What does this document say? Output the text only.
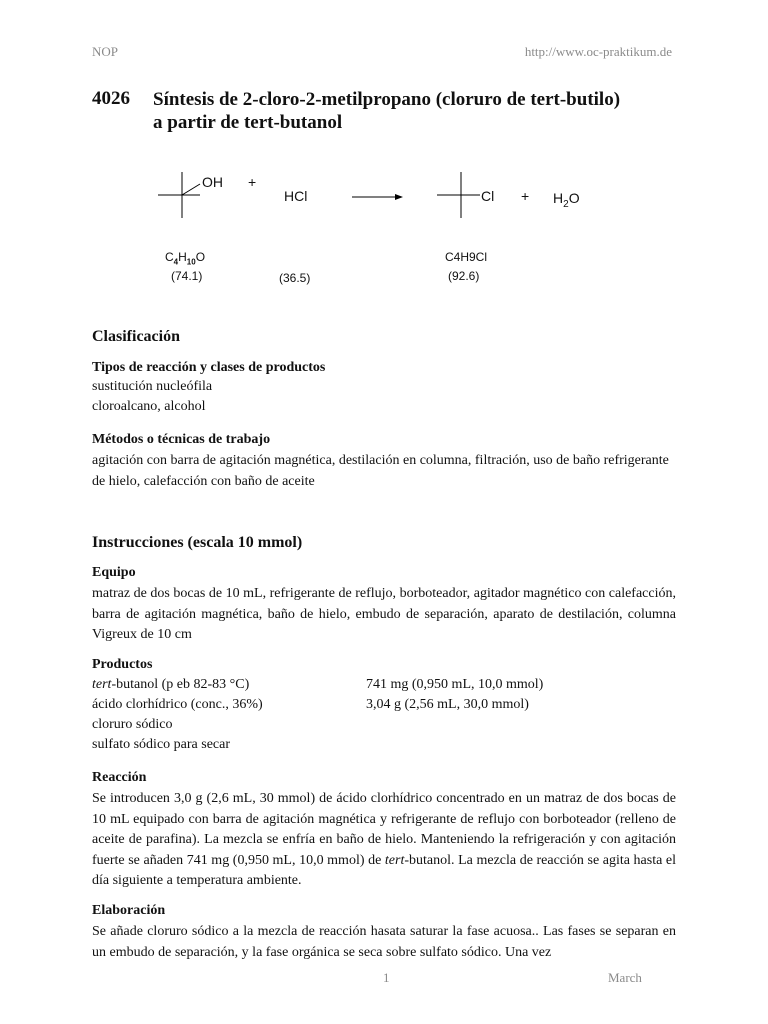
NOP	http://www.oc-praktikum.de
4026 Síntesis de 2-cloro-2-metilpropano (cloruro de tert-butilo)
a partir de tert-butanol
OH +
HCl	$Cl + H_2O$
$C_4H_{10}O$
(74.1)	(36.5)
C4H9Cl
(92.6)
Clasificación
Tipos de reacción y clases de productos
sustitución nucleófila
cloroalcano, alcohol
Métodos o técnicas de trabajo
agitación con barra de agitación magnética, destilación en columna, filtración, uso de baño refrigerante de hielo, calefacción con baño de aceite
Instrucciones (escala 10 mmol)
Equipo
matraz de dos bocas de 10 mL, refrigerante de reflujo, borboteador, agitador magnético con calefacción, barra de agitación magnética, baño de hielo, embudo de separación, aparato de destilación, columna Vigreux de 10 cm
Productos
tert-butanol (p eb 82-83 °C)	741 mg (0,950 mL, 10,0 mmol)
ácido clorhídrico (conc., 36%)	3,04 g (2,56 mL, 30,0 mmol)
cloruro sódico
sulfato sódico para secar
Reacción
Se introducen 3,0 g (2,6 mL, 30 mmol) de ácido clorhídrico concentrado en un matraz de dos bocas de 10 mL equipado con barra de agitación magnética y refrigerante de reflujo con borboteador (relleno de aceite de parafina). La mezcla se enfría en baño de hielo. Manteniendo la refrigeración y con agitación fuerte se añaden 741 mg (0,950 mL, 10,0 mmol) de tert-butanol. La mezcla de reacción se agita hasta el día siguiente a temperatura ambiente.
Elaboración
Se añade cloruro sódico a la mezcla de reacción hasata saturar la fase acuosa.. Las fases se separan en un embudo de separación, y la fase orgánica se seca sobre sulfato sódico. Una vez
1	March
